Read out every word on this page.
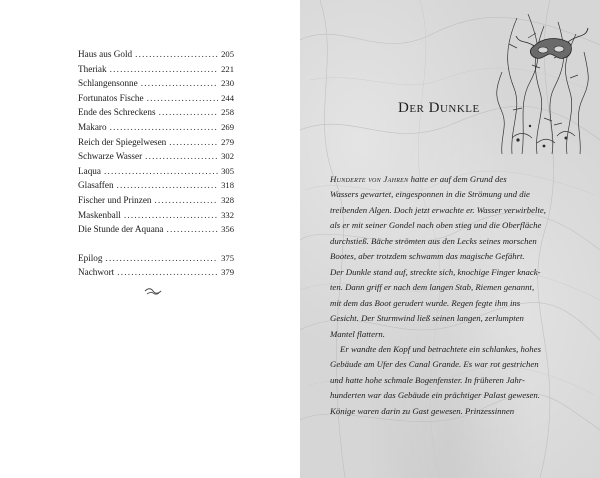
Haus aus Gold .....	205
Theriak .....	221
Schlangensonne .....	230
Fortunatos Fische .....	244
Ende des Schreckens .....	258
Makaro .....	269
Reich der Spiegelwesen .....	279
Schwarze Wasser .....	302
Laqua .....	305
Glasaffen .....	318
Fischer und Prinzen .....	328
Maskenball .....	332
Die Stunde der Aquana .....	356
Epilog .....	375
Nachwort .....	379
Der Dunkle

Hunderte von Jahren hatte er auf dem Grund des

Wassers gewartet, eingesponnen in die Strömung und die

treibenden Algen. Doch jetzt erwachte er. Wasser verwirbelte,

als er mit seiner Gondel nach oben stieg und die Oberfläche

durchstieß. Bäche strömten aus den Lecks seines morschen

Bootes, aber trotzdem schwamm das magische Gefährt.

Der Dunkle stand auf, streckte sich, knochige Finger knack-

ten. Dann griff er nach dem langen Stab, Riemen genannt,

mit dem das Boot gerudert wurde. Regen fegte ihm ins

Gesicht. Der Sturmwind ließ seinen langen, zerlumpten

Mantel flattern.

Er wandte den Kopf und betrachtete ein schlankes, hohes

Gebäude am Ufer des Canal Grande. Es war rot gestrichen

und hatte hohe schmale Bogenfenster. In früheren Jahr-

hunderten war das Gebäude ein prächtiger Palast gewesen.

Könige waren darin zu Gast gewesen. Prinzessinnen
